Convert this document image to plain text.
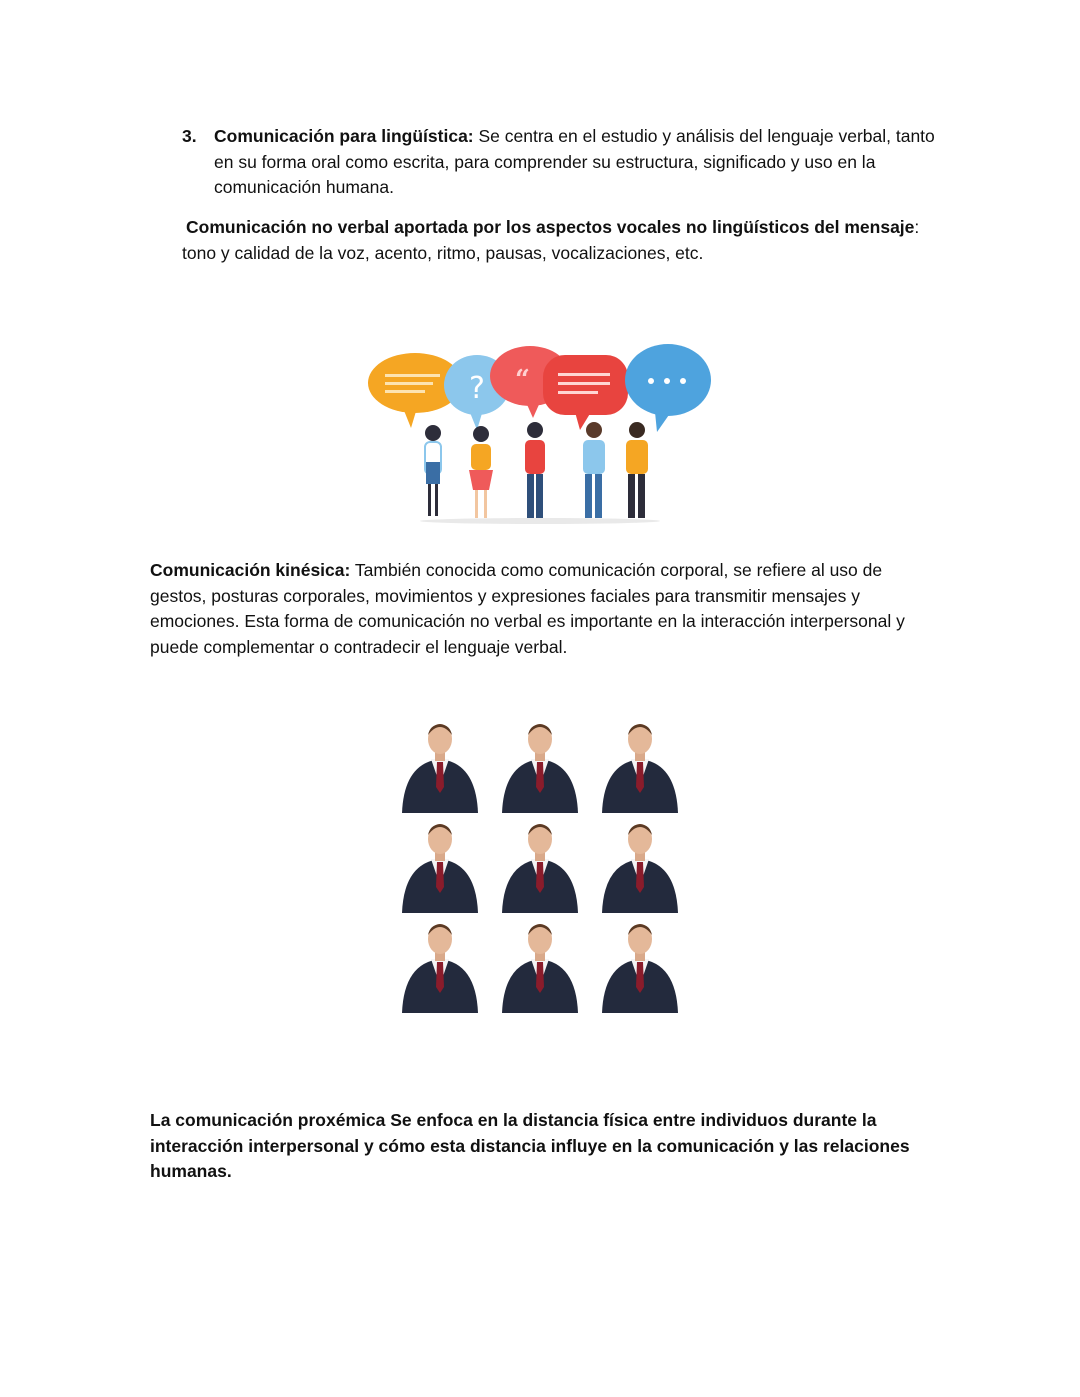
3. Comunicación para lingüística: Se centra en el estudio y análisis del lenguaje verbal, tanto en su forma oral como escrita, para comprender su estructura, significado y uso en la comunicación humana.
Comunicación no verbal aportada por los aspectos vocales no lingüísticos del mensaje:
tono y calidad de la voz, acento, ritmo, pausas, vocalizaciones, etc.
? “
Comunicación kinésica: También conocida como comunicación corporal, se refiere al uso de gestos, posturas corporales, movimientos y expresiones faciales para transmitir mensajes y emociones. Esta forma de comunicación no verbal es importante en la interacción interpersonal y puede complementar o contradecir el lenguaje verbal.
La comunicación proxémica Se enfoca en la distancia física entre individuos durante la interacción interpersonal y cómo esta distancia influye en la comunicación y las relaciones humanas.
